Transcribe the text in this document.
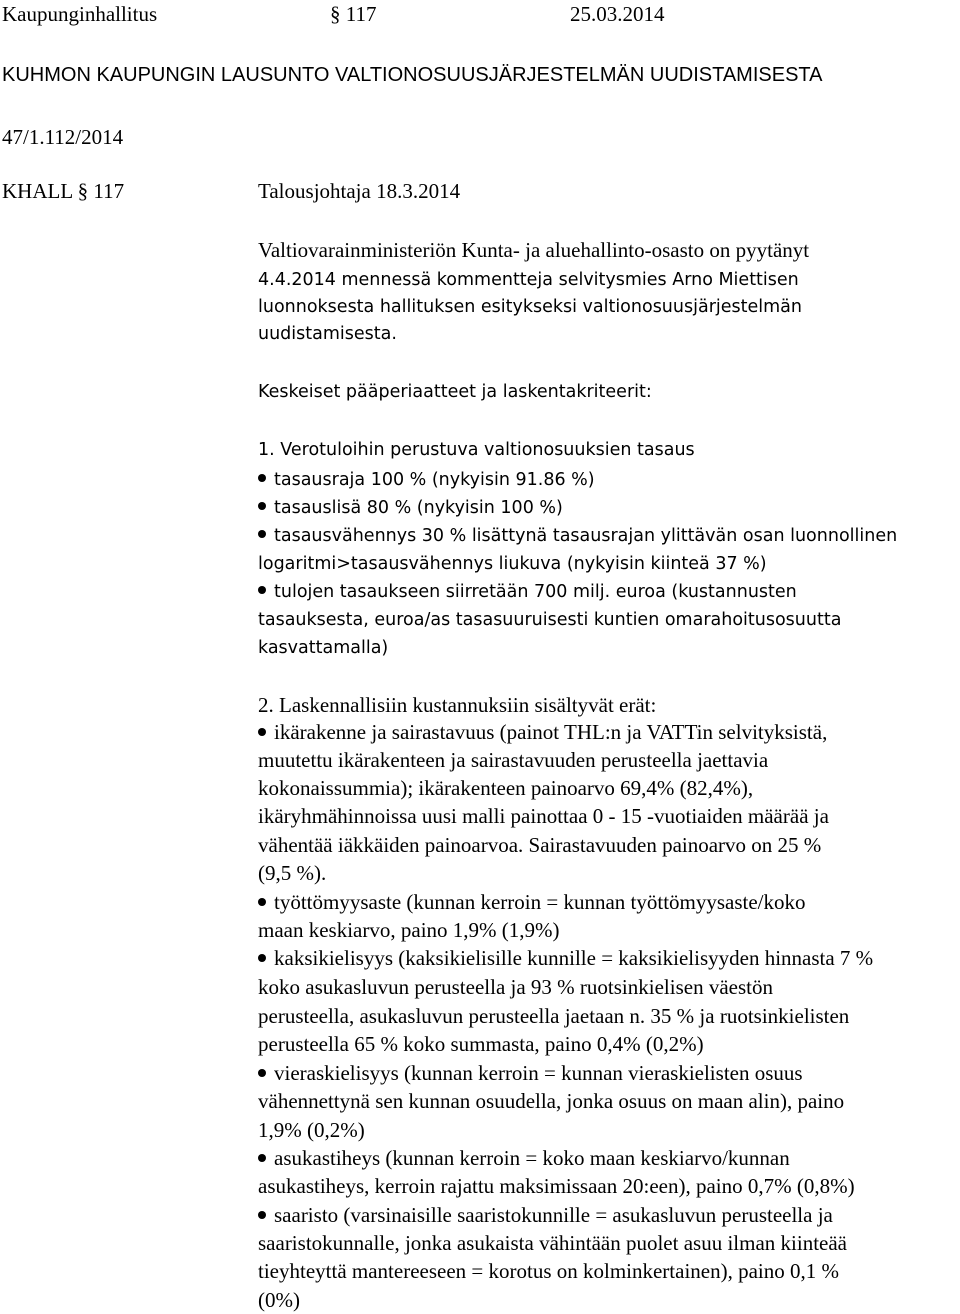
Kaupunginhallitus	§ 117	25.03.2014
KUHMON KAUPUNGIN LAUSUNTO VALTIONOSUUSJÄRJESTELMÄN UUDISTAMISESTA
47/1.112/2014
KHALL § 117	Talousjohtaja 18.3.2014
Valtiovarainministeriön Kunta- ja aluehallinto-osasto on pyytänyt
4.4.2014 mennessä kommentteja selvitysmies Arno Miettisen
luonnoksesta hallituksen esitykseksi valtionosuusjärjestelmän
uudistamisesta.
Keskeiset pääperiaatteet ja laskentakriteerit:
1. Verotuloihin perustuva valtionosuuksien tasaus
tasausraja 100 % (nykyisin 91.86 %)
tasauslisä 80 % (nykyisin 100 %)
tasausvähennys 30 % lisättynä tasausrajan ylittävän osan luonnollinen
logaritmi>tasausvähennys liukuva (nykyisin kiinteä 37 %)
tulojen tasaukseen siirretään 700 milj. euroa (kustannusten
tasauksesta, euroa/as tasasuuruisesti kuntien omarahoitusosuutta
kasvattamalla)
2. Laskennallisiin kustannuksiin sisältyvät erät:
ikärakenne ja sairastavuus (painot THL:n ja VATTin selvityksistä,
muutettu ikärakenteen ja sairastavuuden perusteella jaettavia
kokonaissummia); ikärakenteen painoarvo 69,4% (82,4%),
ikäryhmähinnoissa uusi malli painottaa 0 - 15 -vuotiaiden määrää ja
vähentää iäkkäiden painoarvoa. Sairastavuuden painoarvo on 25 %
(9,5 %).
työttömyysaste (kunnan kerroin = kunnan työttömyysaste/koko
maan keskiarvo, paino 1,9% (1,9%)
kaksikielisyys (kaksikielisille kunnille = kaksikielisyyden hinnasta 7 %
koko asukasluvun perusteella ja 93 % ruotsinkielisen väestön
perusteella, asukasluvun perusteella jaetaan n. 35 % ja ruotsinkielisten
perusteella 65 % koko summasta, paino 0,4% (0,2%)
vieraskielisyys (kunnan kerroin = kunnan vieraskielisten osuus
vähennettynä sen kunnan osuudella, jonka osuus on maan alin), paino
1,9% (0,2%)
asukastiheys (kunnan kerroin = koko maan keskiarvo/kunnan
asukastiheys, kerroin rajattu maksimissaan 20:een), paino 0,7% (0,8%)
saaristo (varsinaisille saaristokunnille = asukasluvun perusteella ja
saaristokunnalle, jonka asukaista vähintään puolet asuu ilman kiinteää
tieyhteyttä mantereeseen = korotus on kolminkertainen), paino 0,1 %
(0%)
